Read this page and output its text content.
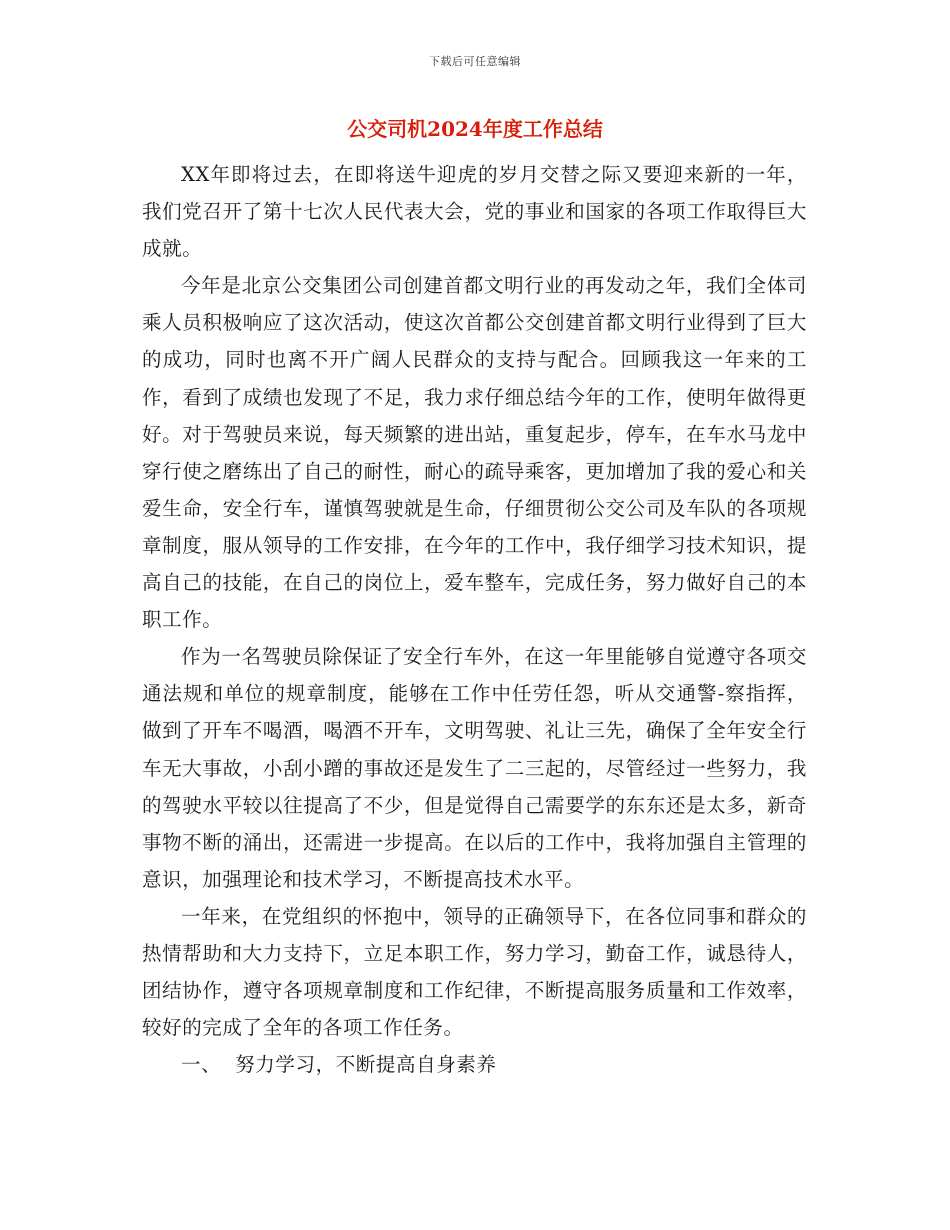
下载后可任意编辑
公交司机2024年度工作总结

XX年即将过去，在即将送牛迎虎的岁月交替之际又要迎来新的一年，我们党召开了第十七次人民代表大会，党的事业和国家的各项工作取得巨大成就。

今年是北京公交集团公司创建首都文明行业的再发动之年，我们全体司乘人员积极响应了这次活动，使这次首都公交创建首都文明行业得到了巨大的成功，同时也离不开广阔人民群众的支持与配合。回顾我这一年来的工作，看到了成绩也发现了不足，我力求仔细总结今年的工作，使明年做得更好。对于驾驶员来说，每天频繁的进出站，重复起步，停车，在车水马龙中穿行使之磨练出了自己的耐性，耐心的疏导乘客，更加增加了我的爱心和关爱生命，安全行车，谨慎驾驶就是生命，仔细贯彻公交公司及车队的各项规章制度，服从领导的工作安排，在今年的工作中，我仔细学习技术知识，提高自己的技能，在自己的岗位上，爱车整车，完成任务，努力做好自己的本职工作。

作为一名驾驶员除保证了安全行车外，在这一年里能够自觉遵守各项交通法规和单位的规章制度，能够在工作中任劳任怨，听从交通警-察指挥，做到了开车不喝酒，喝酒不开车，文明驾驶、礼让三先，确保了全年安全行车无大事故，小刮小蹭的事故还是发生了二三起的，尽管经过一些努力，我的驾驶水平较以往提高了不少，但是觉得自己需要学的东东还是太多，新奇事物不断的涌出，还需进一步提高。在以后的工作中，我将加强自主管理的意识，加强理论和技术学习，不断提高技术水平。

一年来，在党组织的怀抱中，领导的正确领导下，在各位同事和群众的热情帮助和大力支持下，立足本职工作，努力学习，勤奋工作，诚恳待人，团结协作，遵守各项规章制度和工作纪律，不断提高服务质量和工作效率，较好的完成了全年的各项工作任务。

一、 努力学习，不断提高自身素养
